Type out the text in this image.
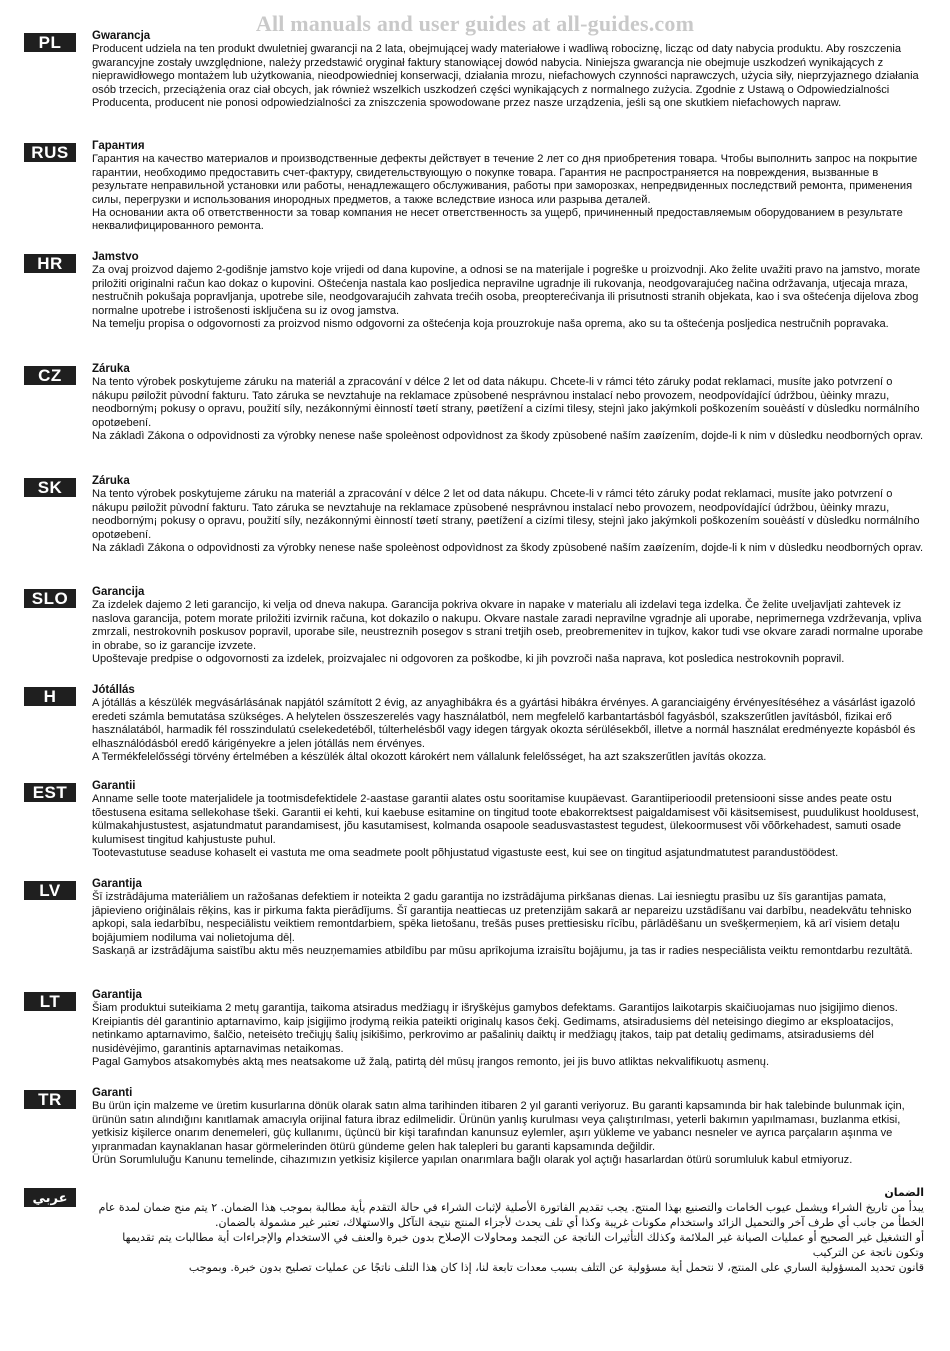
All manuals and user guides at all-guides.com
PL	Gwarancja

Producent udziela na ten produkt dwuletniej gwarancji na 2 lata, obejmującej wady materiałowe i wadliwą robociznę, licząc od daty nabycia produktu. Aby roszczenia gwarancyjne zostały uwzględnione, należy przedstawić oryginał faktury stanowiącej dowód nabycia. Niniejsza gwarancja nie obejmuje uszkodzeń wynikających z nieprawidłowego montażem lub użytkowania, nieodpowiedniej konserwacji, działania mrozu, niefachowych czynności naprawczych, użycia siły, nieprzyjaznego działania osób trzecich, przeciążenia oraz ciał obcych, jak również wszelkich uszkodzeń części wynikających z normalnego zużycia. Zgodnie z Ustawą o Odpowiedzialności Producenta, producent nie ponosi odpowiedzialności za zniszczenia spowodowane przez nasze urządzenia, jeśli są one skutkiem niefachowych napraw.

RUS	Гарантия

Гарантия на качество материалов и производственные дефекты действует в течение 2 лет со дня приобретения товара. Чтобы выполнить запрос на покрытие гарантии, необходимо предоставить счет-фактуру, свидетельствующую о покупке товара. Гарантия не распространяется на повреждения, вызванные в результате неправильной установки или работы, ненадлежащего обслуживания, работы при заморозках, непредвиденных последствий ремонта, применения силы, перегрузки и использования инородных предметов, а также вследствие износа или разрыва деталей.

На основании акта об ответственности за товар компания не несет ответственность за ущерб, причиненный предоставляемым оборудованием в результате неквалифицированного ремонта.

HR	Jamstvo

Za ovaj proizvod dajemo 2-godišnje jamstvo koje vrijedi od dana kupovine, a odnosi se na materijale i pogreške u proizvodnji. Ako želite uvažiti pravo na jamstvo, morate priložiti originalni račun kao dokaz o kupovini. Oštećenja nastala kao posljedica nepravilne ugradnje ili rukovanja, neodgovarajućeg načina održavanja, utjecaja mraza, nestručnih pokušaja popravljanja, upotrebe sile, neodgovarajućih zahvata trećih osoba, preopterećivanja ili prisutnosti stranih objekata, kao i sva oštećenja dijelova zbog normalne upotrebe i istrošenosti isključena su iz ovog jamstva.

Na temelju propisa o odgovornosti za proizvod nismo odgovorni za oštećenja koja prouzrokuje naša oprema, ako su ta oštećenja posljedica nestručnih popravaka.

CZ	Záruka

Na tento výrobek poskytujeme záruku na materiál a zpracování v délce 2 let od data nákupu. Chcete-li v rámci této záruky podat reklamaci, musíte jako potvrzení o nákupu pøiložit pùvodní fakturu. Tato záruka se nevztahuje na reklamace zpùsobené nesprávnou instalací nebo provozem, neodpovídající údržbou, ùèinky mrazu, neodborným¡ pokusy o opravu, použití síly, nezákonnými èinností tøetí strany, pøetížení a cizími tìlesy, stejnì jako jakýmkoli poškozením souèástí v dùsledku normálního opotøebení.

Na základì Zákona o odpovìdnosti za výrobky nenese naše spoleènost odpovìdnost za škody zpùsobené naším zaøízením, dojde-li k nim v dùsledku neodborných oprav.

SK	Záruka

Na tento výrobek poskytujeme záruku na materiál a zpracování v délce 2 let od data nákupu. Chcete-li v rámci této záruky podat reklamaci, musíte jako potvrzení o nákupu pøiložit pùvodní fakturu. Tato záruka se nevztahuje na reklamace zpùsobené nesprávnou instalací nebo provozem, neodpovídající údržbou, ùèinky mrazu, neodborným¡ pokusy o opravu, použití síly, nezákonnými èinností tøetí strany, pøetížení a cizími tìlesy, stejnì jako jakýmkoli poškozením souèástí v dùsledku normálního opotøebení.

Na základì Zákona o odpovìdnosti za výrobky nenese naše spoleènost odpovìdnost za škody zpùsobené naším zaøízením, dojde-li k nim v dùsledku neodborných oprav.

SLO	Garancija

Za izdelek dajemo 2 leti garancijo, ki velja od dneva nakupa. Garancija pokriva okvare in napake v materialu ali izdelavi tega izdelka. Če želite uveljavljati zahtevek iz naslova garancija, potem morate priložiti izvirnik računa, kot dokazilo o nakupu. Okvare nastale zaradi nepravilne vgradnje ali uporabe, neprimernega vzdrževanja, vpliva zmrzali, nestrokovnih poskusov popravil, uporabe sile, neustreznih posegov s strani tretjih oseb, preobremenitev in tujkov, kakor tudi vse okvare zaradi normalne uporabe in obrabe, so iz garancije izvzete.

Upoštevaje predpise o odgovornosti za izdelek, proizvajalec ni odgovoren za poškodbe, ki jih povzroči naša naprava, kot posledica nestrokovnih popravil.

H	Jótállás

A jótállás a készülék megvásárlásának napjától számított 2 évig, az anyaghibákra és a gyártási hibákra érvényes. A garanciaigény érvényesítéséhez a vásárlást igazoló eredeti számla bemutatása szükséges. A helytelen összeszerelés vagy használatból, nem megfelelő karbantartásból fagyásból, szakszerűtlen javításból, fizikai erő használatából, harmadik fél rosszindulatú cselekedetéből, túlterhelésből vagy idegen tárgyak okozta sérülésekből, illetve a normál használat eredményezte kopásból és elhasználódásból eredő kárigényekre a jelen jótállás nem érvényes.

A Termékfelelősségi törvény értelmében a készülék által okozott károkért nem vállalunk felelősséget, ha azt szakszerűtlen javítás okozza.

EST	Garantii

Anname selle toote materjalidele ja tootmisdefektidele 2-aastase garantii alates ostu sooritamise kuupäevast. Garantiiperioodil pretensiooni sisse andes peate ostu tõestusena esitama sellekohase tšeki. Garantii ei kehti, kui kaebuse esitamine on tingitud toote ebakorrektsest paigaldamisest või käsitsemisest, puudulikust hooldusest, külmakahjustustest, asjatundmatut parandamisest, jõu kasutamisest, kolmanda osapoole seadusvastastest tegudest, ülekoormusest või võõrkehadest, samuti osade kulumisest tingitud kahjustuste puhul.

Tootevastutuse seaduse kohaselt ei vastuta me oma seadmete poolt põhjustatud vigastuste eest, kui see on tingitud asjatundmatutest parandustöödest.

LV	Garantija

Šī izstrādājuma materiāliem un ražošanas defektiem ir noteikta 2 gadu garantija no izstrādājuma pirkšanas dienas. Lai iesniegtu prasību uz šīs garantijas pamata, jāpievieno oriģinālais rēķins, kas ir pirkuma fakta pierādījums. Šī garantija neattiecas uz pretenzijām sakarā ar nepareizu uzstādīšanu vai darbību, neadekvātu tehnisko apkopi, sala iedarbību, nespeciālistu veiktiem remontdarbiem, spēka lietošanu, trešās puses prettiesisku rīcību, pārlādēšanu un svešķermeņiem, kā arī visiem detaļu bojājumiem nodiluma vai nolietojuma dēļ.

Saskaņā ar izstrādājuma saistību aktu mēs neuzņemamies atbildību par mūsu aprīkojuma izraisītu bojājumu, ja tas ir radies nespeciālista veiktu remontdarbu rezultātā.

LT	Garantija

Šiam produktui suteikiama 2 metų garantija, taikoma atsiradus medžiagų ir išryškėjus gamybos defektams. Garantijos laikotarpis skaičiuojamas nuo įsigijimo dienos. Kreipiantis dėl garantinio aptarnavimo, kaip įsigijimo įrodymą reikia pateikti originalų kasos čekį. Gedimams, atsiradusiems dėl neteisingo diegimo ar eksploatacijos, netinkamo aptarnavimo, šalčio, neteisėto trečiųjų šalių įsikišimo, perkrovimo ar pašalinių daiktų ir medžiagų įtakos, taip pat detalių gedimams, atsiradusiems dėl nusidėvėjimo, garantinis aptarnavimas netaikomas.

Pagal Gamybos atsakomybės aktą mes neatsakome už žalą, patirtą dėl mūsų įrangos remonto, jei jis buvo atliktas nekvalifikuotų asmenų.

TR	Garanti

Bu ürün için malzeme ve üretim kusurlarına dönük olarak satın alma tarihinden itibaren 2 yıl garanti veriyoruz. Bu garanti kapsamında bir hak talebinde bulunmak için, ürünün satın alındığını kanıtlamak amacıyla orijinal fatura ibraz edilmelidir. Ürünün yanlış kurulması veya çalıştırılması, yeterli bakımın yapılmaması, buzlanma etkisi, yetkisiz kişilerce onarım denemeleri, güç kullanımı, üçüncü bir kişi tarafından kanunsuz eylemler, aşırı yükleme ve yabancı nesneler ve ayrıca parçaların aşınma ve yıpranmadan kaynaklanan hasar görmelerinden ötürü gündeme gelen hak talepleri bu garanti kapsamında değildir.

Ürün Sorumluluğu Kanunu temelinde, cihazımızın yetkisiz kişilerce yapılan onarımlara bağlı olarak yol açtığı hasarlardan ötürü sorumluluk kabul etmiyoruz.

عربي	الضمان

يبدأ من تاريخ الشراء ويشمل عيوب الخامات والتصنيع بهذا المنتج. يجب تقديم الفاتورة الأصلية لإثبات الشراء في حالة التقدم بأية مطالبة بموجب هذا الضمان. ٢ يتم منح ضمان لمدة عام

الخطأ من جانب أي طرف آخر والتحميل الزائد واستخدام مكونات غريبة وكذا أي تلف يحدث لأجزاء المنتج نتيجة التآكل والاستهلاك، تعتبر غير مشمولة بالضمان.

أو التشغيل غير الصحيح أو عمليات الصيانة غير الملائمة وكذلك التأثيرات الناتجة عن التجمد ومحاولات الإصلاح بدون خبرة والعنف في الاستخدام والإجراءات أية مطالبات يتم تقديمها وتكون ناتجة عن التركيب

قانون تحديد المسؤولية الساري على المنتج، لا نتحمل أية مسؤولية عن التلف بسبب معدات تابعة لنا، إذا كان هذا التلف ناتجًا عن عمليات تصليح بدون خبرة. وبموجب
